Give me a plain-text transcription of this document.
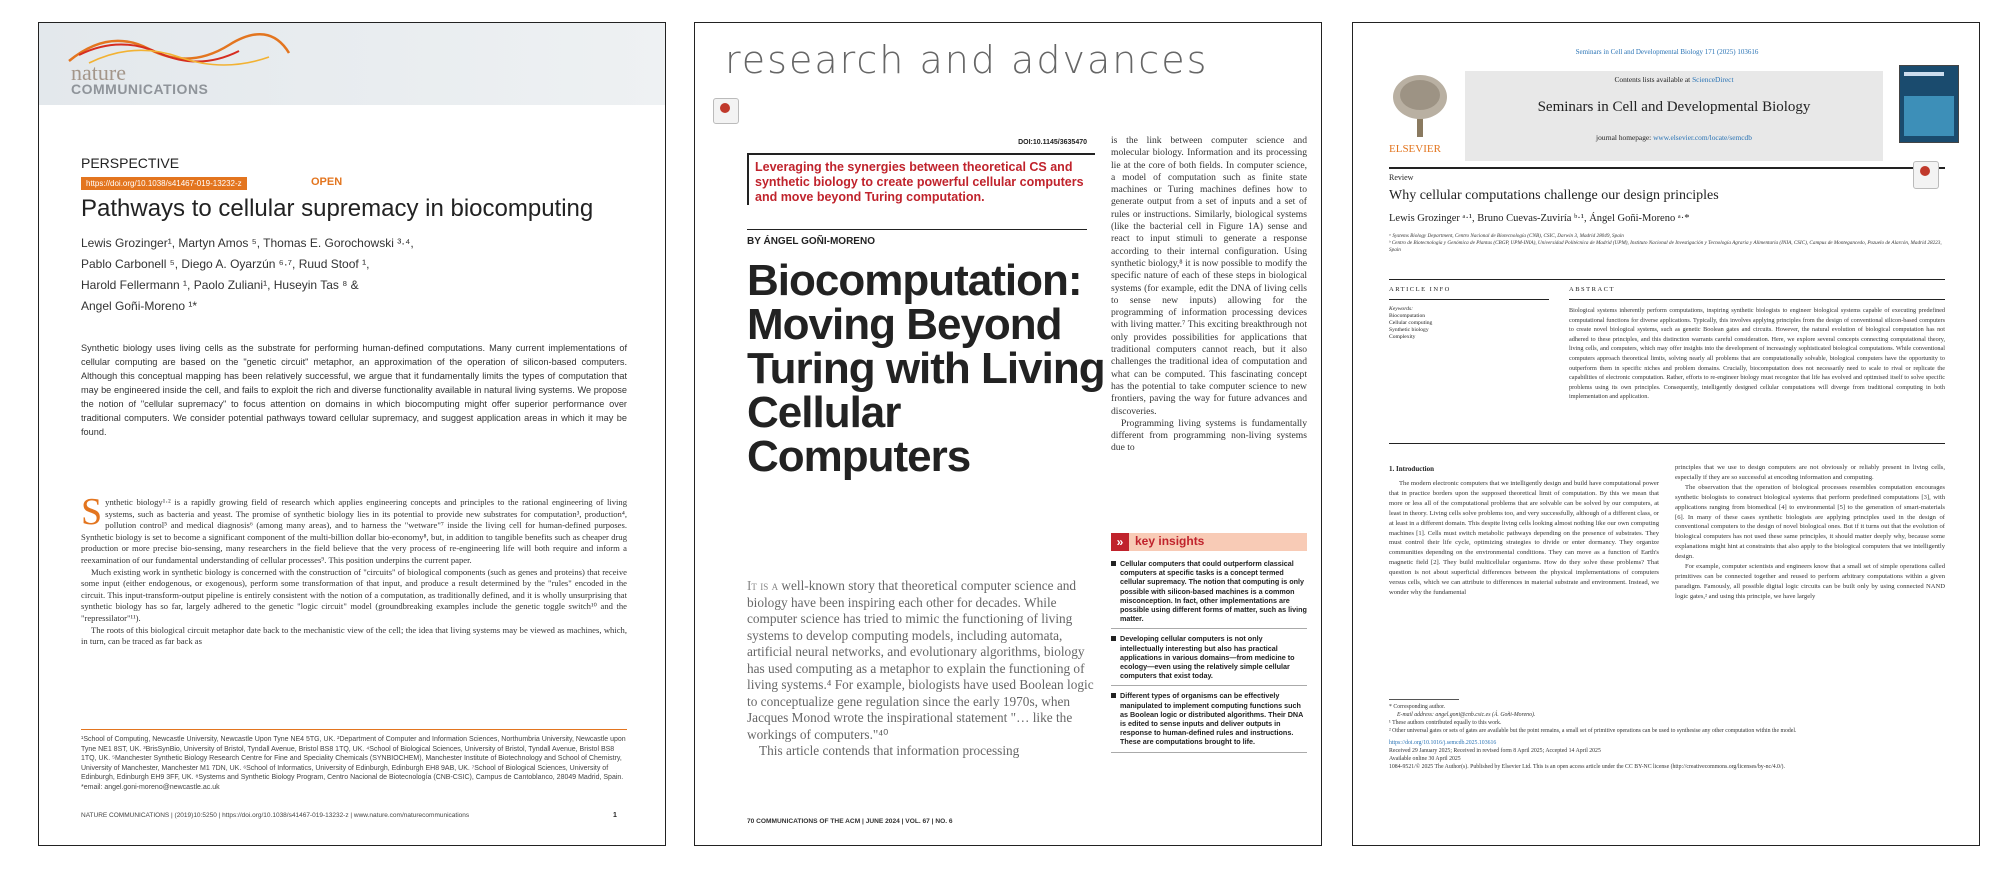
nature
COMMUNICATIONS
PERSPECTIVE
https://doi.org/10.1038/s41467-019-13232-z	OPEN
Pathways to cellular supremacy in biocomputing
Lewis Grozinger¹, Martyn Amos ⁵, Thomas E. Gorochowski ³·⁴,
Pablo Carbonell ⁵, Diego A. Oyarzún ⁶·⁷, Ruud Stoof ¹,
Harold Fellermann ¹, Paolo Zuliani¹, Huseyin Tas ⁸ &
Angel Goñi-Moreno ¹*

Synthetic biology uses living cells as the substrate for performing human-defined computations. Many current implementations of cellular computing are based on the "genetic circuit" metaphor, an approximation of the operation of silicon-based computers. Although this conceptual mapping has been relatively successful, we argue that it fundamentally limits the types of computation that may be engineered inside the cell, and fails to exploit the rich and diverse functionality available in natural living systems. We propose the notion of "cellular supremacy" to focus attention on domains in which biocomputing might offer superior performance over traditional computers. We consider potential pathways toward cellular supremacy, and suggest application areas in which it may be found.

S ynthetic biology¹·² is a rapidly growing field of research which applies engineering concepts and principles to the rational engineering of living systems, such as bacteria and yeast. The promise of synthetic biology lies in its potential to provide new substrates for computation³, production⁴, pollution control⁵ and medical diagnosis⁶ (among many areas), and to harness the "wetware"⁷ inside the living cell for human-defined purposes. Synthetic biology is set to become a significant component of the multi-billion dollar bio-economy⁸, but, in addition to tangible benefits such as cheaper drug production or more precise bio-sensing, many researchers in the field believe that the very process of re-engineering life will both require and inform a reexamination of our fundamental understanding of cellular processes⁹. This position underpins the current paper.
Much existing work in synthetic biology is concerned with the construction of "circuits" of biological components (such as genes and proteins) that receive some input (either endogenous, or exogenous), perform some transformation of that input, and produce a result determined by the "rules" encoded in the circuit. This input-transform-output pipeline is entirely consistent with the notion of a computation, as traditionally defined, and it is wholly unsurprising that synthetic biology has so far, largely adhered to the genetic "logic circuit" model (groundbreaking examples include the genetic toggle switch¹⁰ and the "repressilator"¹¹).
The roots of this biological circuit metaphor date back to the mechanistic view of the cell; the idea that living systems may be viewed as machines, which, in turn, can be traced as far back as

¹School of Computing, Newcastle University, Newcastle Upon Tyne NE4 5TG, UK. ²Department of Computer and Information Sciences, Northumbria University, Newcastle upon Tyne NE1 8ST, UK. ³BrisSynBio, University of Bristol, Tyndall Avenue, Bristol BS8 1TQ, UK. ⁴School of Biological Sciences, University of Bristol, Tyndall Avenue, Bristol BS8 1TQ, UK. ⁵Manchester Synthetic Biology Research Centre for Fine and Speciality Chemicals (SYNBIOCHEM), Manchester Institute of Biotechnology and School of Chemistry, University of Manchester, Manchester M1 7DN, UK. ⁶School of Informatics, University of Edinburgh, Edinburgh EH8 9AB, UK. ⁷School of Biological Sciences, University of Edinburgh, Edinburgh EH9 3FF, UK. ⁸Systems and Synthetic Biology Program, Centro Nacional de Biotecnología (CNB-CSIC), Campus de Cantoblanco, 28049 Madrid, Spain. *email: angel.goni-moreno@newcastle.ac.uk

NATURE COMMUNICATIONS | (2019)10:5250 | https://doi.org/10.1038/s41467-019-13232-z | www.nature.com/naturecommunications	1
research and advances
DOI:10.1145/3635470
Leveraging the synergies between theoretical CS and synthetic biology to create powerful cellular computers and move beyond Turing computation.
BY ÁNGEL GOÑI-MORENO
Biocomputation: Moving Beyond Turing with Living Cellular Computers
It is a well-known story that theoretical computer science and biology have been inspiring each other for decades. While computer science has tried to mimic the functioning of living systems to develop computing models, including automata, artificial neural networks, and evolutionary algorithms, biology has used computing as a metaphor to explain the functioning of living systems.⁴ For example, biologists have used Boolean logic to conceptualize gene regulation since the early 1970s, when Jacques Monod wrote the inspirational statement "… like the workings of computers."⁴⁰
This article contends that information processing
is the link between computer science and molecular biology. Information and its processing lie at the core of both fields. In computer science, a model of computation such as finite state machines or Turing machines defines how to generate output from a set of inputs and a set of rules or instructions. Similarly, biological systems (like the bacterial cell in Figure 1A) sense and react to input stimuli to generate a response according to their internal configuration. Using synthetic biology,⁸ it is now possible to modify the specific nature of each of these steps in biological systems (for example, edit the DNA of living cells to sense new inputs) allowing for the programming of information processing devices with living matter.⁷ This exciting breakthrough not only provides possibilities for applications that traditional computers cannot reach, but it also challenges the traditional idea of computation and what can be computed. This fascinating concept has the potential to take computer science to new frontiers, paving the way for future advances and discoveries.
Programming living systems is fundamentally different from programming non-living systems due to
» key insights
Cellular computers that could outperform classical computers at specific tasks is a concept termed cellular supremacy. The notion that computing is only possible with silicon-based machines is a common misconception. In fact, other implementations are possible using different forms of matter, such as living matter.
Developing cellular computers is not only intellectually interesting but also has practical applications in various domains—from medicine to ecology—even using the relatively simple cellular computers that exist today.
Different types of organisms can be effectively manipulated to implement computing functions such as Boolean logic or distributed algorithms. Their DNA is edited to sense inputs and deliver outputs in response to human-defined rules and instructions. These are computations brought to life.
70 COMMUNICATIONS OF THE ACM | JUNE 2024 | VOL. 67 | NO. 6
Seminars in Cell and Developmental Biology 171 (2025) 103616
ELSEVIER
Contents lists available at ScienceDirect
Seminars in Cell and Developmental Biology
journal homepage: www.elsevier.com/locate/semcdb
Review
Why cellular computations challenge our design principles
Lewis Grozinger ᵃ·¹, Bruno Cuevas-Zuviría ᵇ·¹, Ángel Goñi-Moreno ᵃ·*
ᵃ Systems Biology Department, Centro Nacional de Biotecnología (CNB), CSIC, Darwin 3, Madrid 28049, Spain
ᵇ Centro de Biotecnología y Genómica de Plantas (CBGP, UPM-INIA), Universidad Politécnica de Madrid (UPM), Instituto Nacional de Investigación y Tecnología Agraria y Alimentaria (INIA, CSIC), Campus de Montegancedo, Pozuelo de Alarcón, Madrid 28223, Spain
ARTICLE INFO	ABSTRACT
Keywords:
Biocomputation
Cellular computing
Synthetic biology
Complexity

Biological systems inherently perform computations, inspiring synthetic biologists to engineer biological systems capable of executing predefined computational functions for diverse applications. Typically, this involves applying principles from the design of conventional silicon-based computers to create novel biological systems, such as genetic Boolean gates and circuits. However, the natural evolution of biological computation has not adhered to these principles, and this distinction warrants careful consideration. Here, we explore several concepts connecting computational theory, living cells, and computers, which may offer insights into the development of increasingly sophisticated biological computations. While conventional computers approach theoretical limits, solving nearly all problems that are computationally solvable, biological computers have the opportunity to outperform them in specific niches and problem domains. Crucially, biocomputation does not necessarily need to scale to rival or replicate the capabilities of electronic computation. Rather, efforts to re-engineer biology must recognize that life has evolved and optimised itself to solve specific problems using its own principles. Consequently, intelligently designed cellular computations will diverge from traditional computing in both implementation and application.

1. Introduction
The modern electronic computers that we intelligently design and build have computational power that in practice borders upon the supposed theoretical limit of computation. By this we mean that more or less all of the computational problems that are solvable can be solved by our computers, at least in theory. Living cells solve problems too, and very successfully, although of a different class, or at least in a different domain. This despite living cells looking almost nothing like our own computing machines [1]. Cells must switch metabolic pathways depending on the presence of substrates. They must control their life cycle, optimizing strategies to divide or enter dormancy. They organize communities depending on the environmental conditions. They can move as a function of Earth's magnetic field [2]. They build multicellular organisms. How do they solve these problems? That question is not about superficial differences between the physical implementations of computers versus cells, which we can attribute to differences in material substrate and environment. Instead, we wonder why the fundamental
principles that we use to design computers are not obviously or reliably present in living cells, especially if they are so successful at encoding information and computing.
The observation that the operation of biological processes resembles computation encourages synthetic biologists to construct biological systems that perform predefined computations [3], with applications ranging from biomedical [4] to environmental [5] to the generation of smart-materials [6]. In many of these cases synthetic biologists are applying principles used in the design of conventional computers to the design of novel biological ones. But if it turns out that the evolution of biological computers has not used these same principles, it should matter deeply why, because some explanations might hint at constraints that also apply to the biological computers that we intelligently design.
For example, computer scientists and engineers know that a small set of simple operations called primitives can be connected together and reused to perform arbitrary computations within a given paradigm. Famously, all possible digital logic circuits can be built only by using connected NAND logic gates,² and using this principle, we have largely
* Corresponding author.
E-mail address: angel.goni@cnb.csic.es (Á. Goñi-Moreno).
¹ These authors contributed equally to this work.
² Other universal gates or sets of gates are available but the point remains, a small set of primitive operations can be used to synthesise any other computation within the model.
https://doi.org/10.1016/j.semcdb.2025.103616
Received 29 January 2025; Received in revised form 8 April 2025; Accepted 14 April 2025
Available online 30 April 2025
1084-9521/© 2025 The Author(s). Published by Elsevier Ltd. This is an open access article under the CC BY-NC license (http://creativecommons.org/licenses/by-nc/4.0/).
